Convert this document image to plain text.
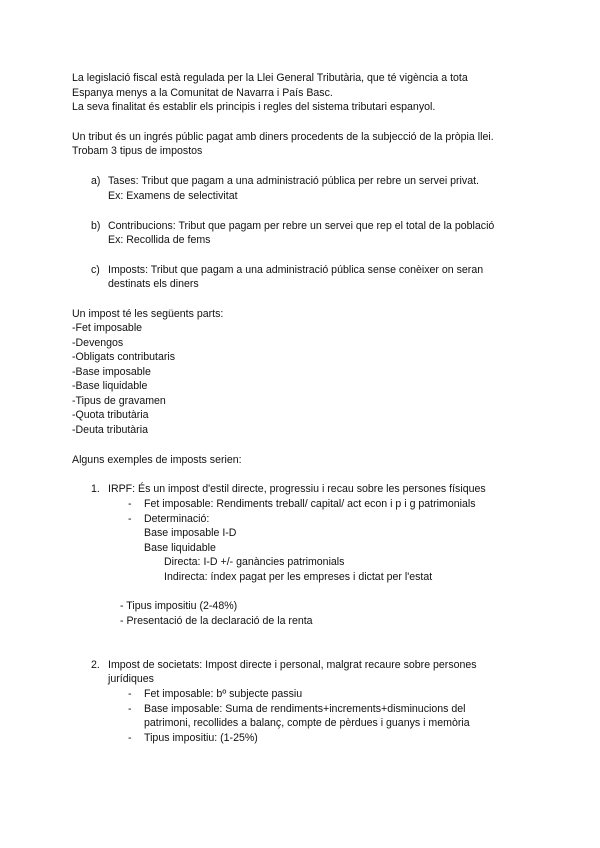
La legislació fiscal està regulada per la Llei General Tributària, que té vigència a tota
Espanya menys a la Comunitat de Navarra i País Basc.
La seva finalitat és establir els principis i regles del sistema tributari espanyol.
Un tribut és un ingrés públic pagat amb diners procedents de la subjecció de la pròpia llei.
Trobam 3 tipus de impostos
a) Tases: Tribut que pagam a una administració pública per rebre un servei privat.
Ex: Examens de selectivitat
b) Contribucions: Tribut que pagam per rebre un servei que rep el total de la població
Ex: Recollida de fems
c) Imposts: Tribut que pagam a una administració pública sense conèixer on seran
destinats els diners
Un impost té les següents parts:
-Fet imposable
-Devengos
-Obligats contributaris
-Base imposable
-Base liquidable
-Tipus de gravamen
-Quota tributària
-Deuta tributària
Alguns exemples de imposts serien:
1. IRPF: És un impost d'estil directe, progressiu i recau sobre les persones físiques
- Fet imposable: Rendiments treball/ capital/ act econ i p i g patrimonials
- Determinació:
Base imposable I-D
Base liquidable
Directa: I-D +/- ganàncies patrimonials
Indirecta: índex pagat per les empreses i dictat per l'estat
- Tipus impositiu (2-48%)
- Presentació de la declaració de la renta
2. Impost de societats: Impost directe i personal, malgrat recaure sobre persones
jurídiques
- Fet imposable: bº subjecte passiu
- Base imposable: Suma de rendiments+increments+disminucions del
patrimoni, recollides a balanç, compte de pèrdues i guanys i memòria
- Tipus impositiu: (1-25%)
